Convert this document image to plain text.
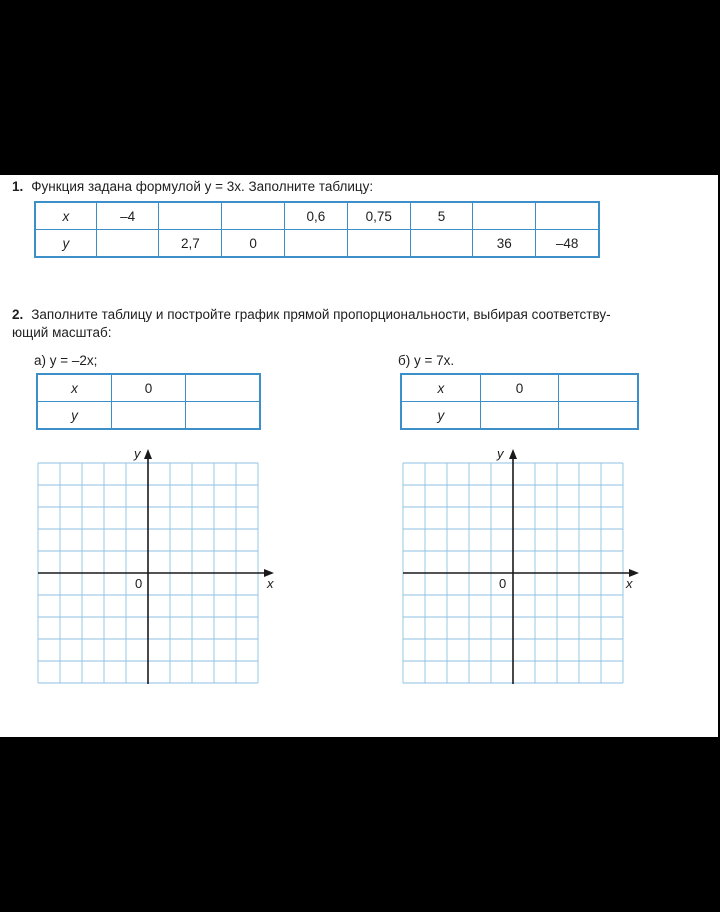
1. Функция задана формулой y = 3x. Заполните таблицу:
x	–4			0,6	0,75	5		
y		2,7	0				36	–48
2. Заполните таблицу и постройте график прямой пропорциональности, выбирая соответству-
ющий масштаб:
а) y = –2x;
x	0	
y		
x
y
0
б) y = 7x.
x	0	
y		
x
y
0
